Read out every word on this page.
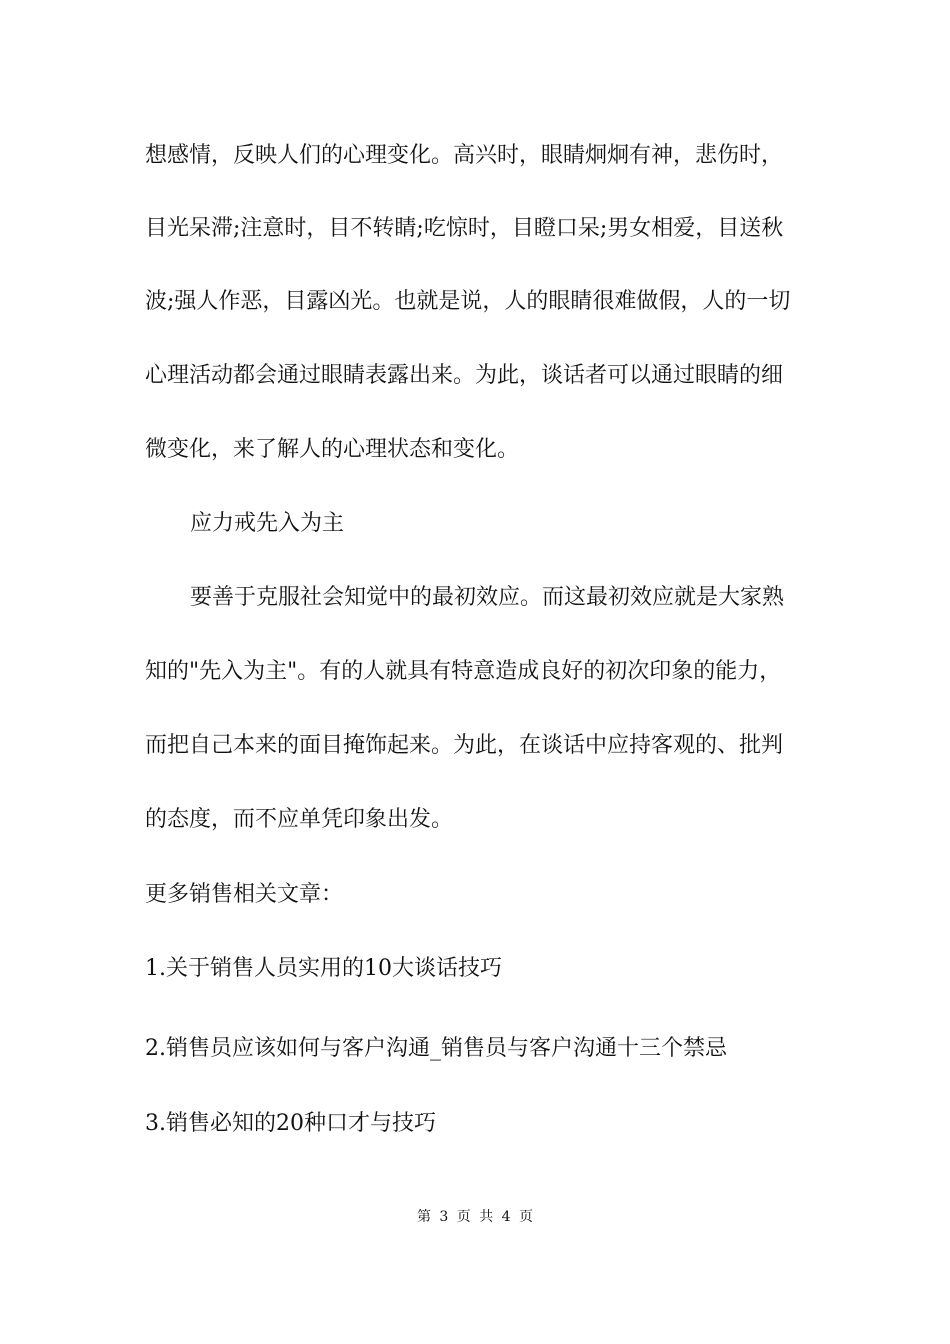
想感情，反映人们的心理变化。高兴时，眼睛炯炯有神，悲伤时，
目光呆滞;注意时，目不转睛;吃惊时，目瞪口呆;男女相爱，目送秋
波;强人作恶，目露凶光。也就是说，人的眼睛很难做假，人的一切
心理活动都会通过眼睛表露出来。为此，谈话者可以通过眼睛的细
微变化，来了解人的心理状态和变化。
应力戒先入为主
要善于克服社会知觉中的最初效应。而这最初效应就是大家熟
知的"先入为主"。有的人就具有特意造成良好的初次印象的能力，
而把自己本来的面目掩饰起来。为此，在谈话中应持客观的、批判
的态度，而不应单凭印象出发。
更多销售相关文章：
1.关于销售人员实用的10大谈话技巧
2.销售员应该如何与客户沟通_销售员与客户沟通十三个禁忌
3.销售必知的20种口才与技巧
第 3 页 共 4 页
